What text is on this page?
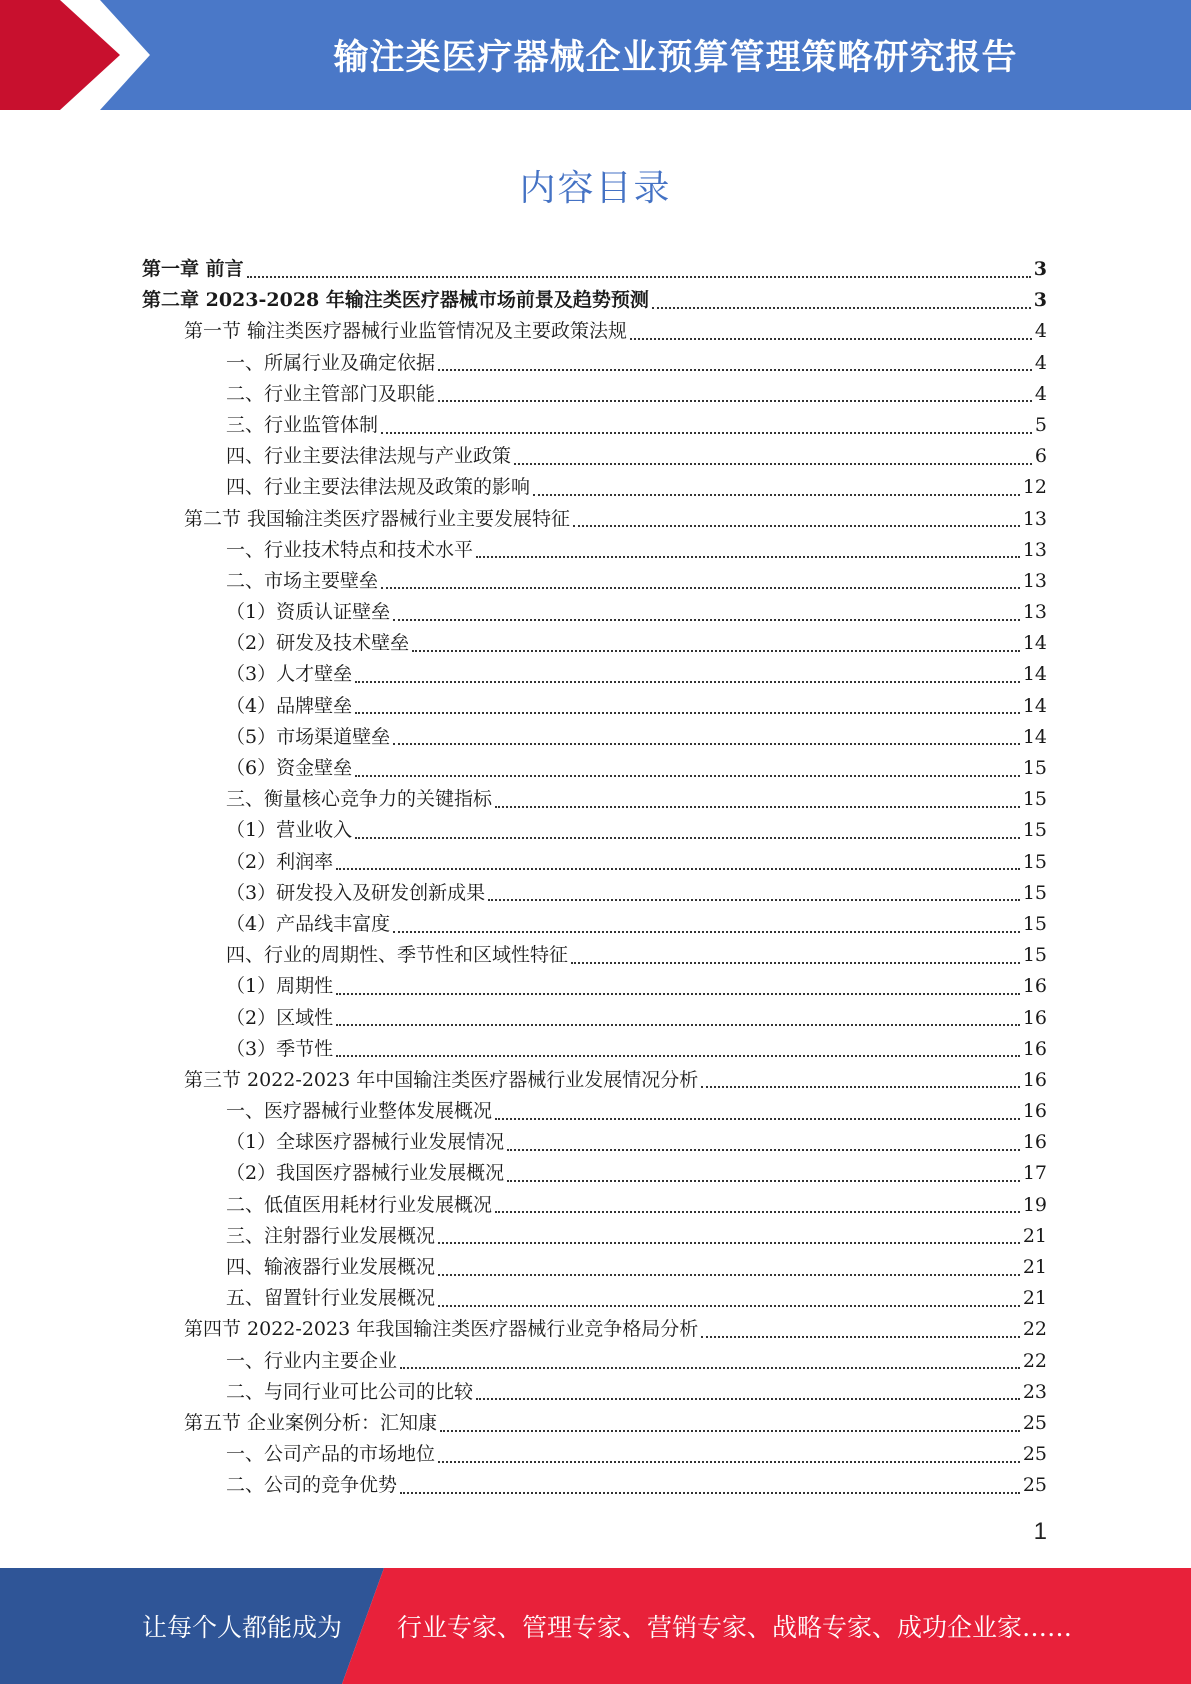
输注类医疗器械企业预算管理策略研究报告
内容目录
第一章 前言	3
第二章 2023-2028 年输注类医疗器械市场前景及趋势预测	3
第一节 输注类医疗器械行业监管情况及主要政策法规	4
一、所属行业及确定依据	4
二、行业主管部门及职能	4
三、行业监管体制	5
四、行业主要法律法规与产业政策	6
四、行业主要法律法规及政策的影响	12
第二节 我国输注类医疗器械行业主要发展特征	13
一、行业技术特点和技术水平	13
二、市场主要壁垒	13
（1）资质认证壁垒	13
（2）研发及技术壁垒	14
（3）人才壁垒	14
（4）品牌壁垒	14
（5）市场渠道壁垒	14
（6）资金壁垒	15
三、衡量核心竞争力的关键指标	15
（1）营业收入	15
（2）利润率	15
（3）研发投入及研发创新成果	15
（4）产品线丰富度	15
四、行业的周期性、季节性和区域性特征	15
（1）周期性	16
（2）区域性	16
（3）季节性	16
第三节 2022-2023 年中国输注类医疗器械行业发展情况分析	16
一、医疗器械行业整体发展概况	16
（1）全球医疗器械行业发展情况	16
（2）我国医疗器械行业发展概况	17
二、低值医用耗材行业发展概况	19
三、注射器行业发展概况	21
四、输液器行业发展概况	21
五、留置针行业发展概况	21
第四节 2022-2023 年我国输注类医疗器械行业竞争格局分析	22
一、行业内主要企业	22
二、与同行业可比公司的比较	23
第五节 企业案例分析：汇知康	25
一、公司产品的市场地位	25
二、公司的竞争优势	25
1
让每个人都能成为 行业专家、管理专家、营销专家、战略专家、成功企业家……
